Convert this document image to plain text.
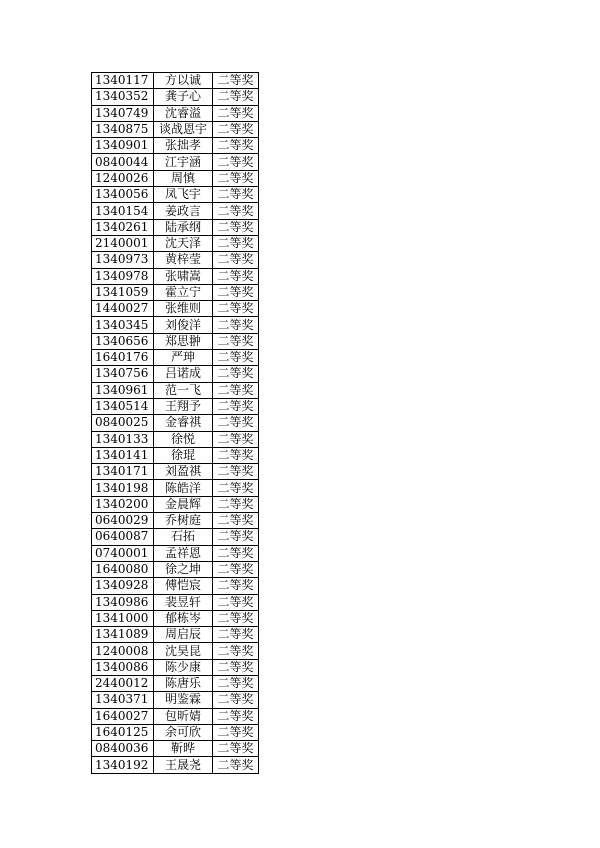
1340117	方以诚	二等奖
1340352	龚子心	二等奖
1340749	沈睿溢	二等奖
1340875	谈战恩宇	二等奖
1340901	张拙孝	二等奖
0840044	江宇涵	二等奖
1240026	周慎	二等奖
1340056	凤飞宇	二等奖
1340154	姜政言	二等奖
1340261	陆承纲	二等奖
2140001	沈天泽	二等奖
1340973	黄梓莹	二等奖
1340978	张啸嵩	二等奖
1341059	霍立宁	二等奖
1440027	张维则	二等奖
1340345	刘俊洋	二等奖
1340656	郑思翀	二等奖
1640176	严珅	二等奖
1340756	吕诺成	二等奖
1340961	范一飞	二等奖
1340514	王翔予	二等奖
0840025	金睿祺	二等奖
1340133	徐悦	二等奖
1340141	徐琨	二等奖
1340171	刘盈祺	二等奖
1340198	陈皓洋	二等奖
1340200	金晨辉	二等奖
0640029	乔树庭	二等奖
0640087	石拓	二等奖
0740001	孟祥恩	二等奖
1640080	徐之坤	二等奖
1340928	傅恺宸	二等奖
1340986	裴昱轩	二等奖
1341000	郁栋岑	二等奖
1341089	周启辰	二等奖
1240008	沈昊昆	二等奖
1340086	陈少康	二等奖
2440012	陈唐乐	二等奖
1340371	明鉴霖	二等奖
1640027	包昕婧	二等奖
1640125	余可欣	二等奖
0840036	靳晔	二等奖
1340192	王晟尧	二等奖
